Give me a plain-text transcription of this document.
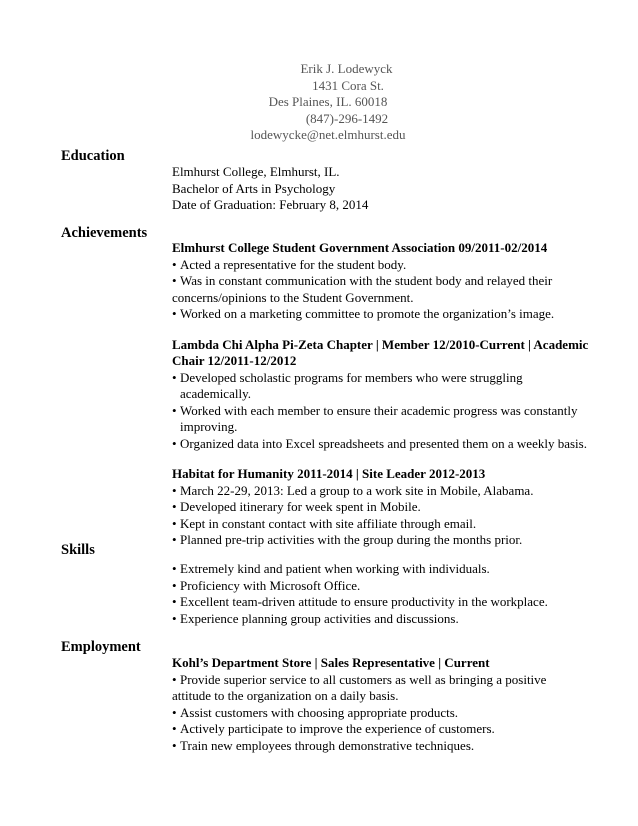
Erik J. Lodewyck
1431 Cora St.
Des Plaines, IL. 60018
(847)-296-1492
lodewycke@net.elmhurst.edu
Education
Elmhurst College, Elmhurst, IL.
Bachelor of Arts in Psychology
Date of Graduation: February 8, 2014
Achievements
Elmhurst College Student Government Association 09/2011-02/2014
• Acted a representative for the student body.
• Was in constant communication with the student body and relayed their
concerns/opinions to the Student Government.
• Worked on a marketing committee to promote the organization’s image.
Lambda Chi Alpha Pi-Zeta Chapter | Member 12/2010-Current | Academic
Chair 12/2011-12/2012
• Developed scholastic programs for members who were struggling
academically.
• Worked with each member to ensure their academic progress was constantly
improving.
• Organized data into Excel spreadsheets and presented them on a weekly basis.
Habitat for Humanity 2011-2014 | Site Leader 2012-2013
• March 22-29, 2013: Led a group to a work site in Mobile, Alabama.
• Developed itinerary for week spent in Mobile.
• Kept in constant contact with site affiliate through email.
• Planned pre-trip activities with the group during the months prior.
Skills
• Extremely kind and patient when working with individuals.
• Proficiency with Microsoft Office.
• Excellent team-driven attitude to ensure productivity in the workplace.
• Experience planning group activities and discussions.
Employment
Kohl’s Department Store | Sales Representative | Current
• Provide superior service to all customers as well as bringing a positive
attitude to the organization on a daily basis.
• Assist customers with choosing appropriate products.
• Actively participate to improve the experience of customers.
• Train new employees through demonstrative techniques.
